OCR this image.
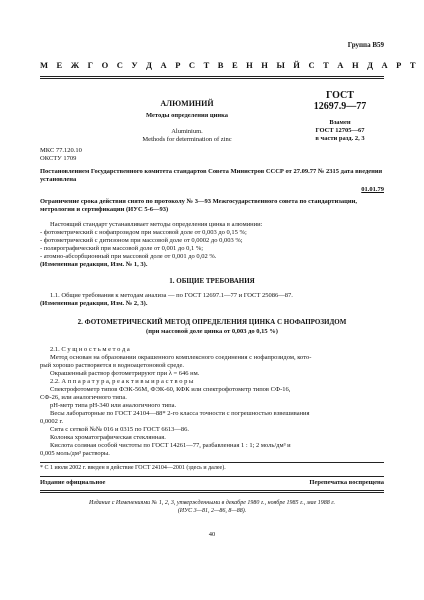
Группа В59
М Е Ж Г О С У Д А Р С Т В Е Н Н Ы Й С Т А Н Д А Р Т
АЛЮМИНИЙ
Методы определения цинка
Aluminium.
Methods for determination of zinc
ГОСТ
12697.9—77
Взамен
ГОСТ 12705—67
в части разд. 2, 3
МКС 77.120.10
ОКСТУ 1709
Постановлением Государственного комитета стандартов Совета Министров СССР от 27.09.77 № 2315 дата введения установлена
01.01.79
Ограничение срока действия снято по протоколу № 3—93 Межгосударственного совета по стандартизации, метрологии и сертификации (ИУС 5-6—93)
Настоящий стандарт устанавливает методы определения цинка в алюминии:
- фотометрический с нофапрозидом при массовой доле от 0,003 до 0,15 %;
- фотометрический с дитизоном при массовой доле от 0,0002 до 0,003 %;
- полярографический при массовой доле от 0,001 до 0,1 %;
- атомно-абсорбционный при массовой доле от 0,001 до 0,02 %.
(Измененная редакция, Изм. № 1, 3).
1. ОБЩИЕ ТРЕБОВАНИЯ
1.1. Общие требования к методам анализа — по ГОСТ 12697.1—77 и ГОСТ 25086—87.
(Измененная редакция, Изм. № 2, 3).
2. ФОТОМЕТРИЧЕСКИЙ МЕТОД ОПРЕДЕЛЕНИЯ ЦИНКА С НОФАПРОЗИДОМ
(при массовой доле цинка от 0,003 до 0,15 %)
2.1. С у щ н о с т ь м е т о д а
Метод основан на образовании окрашенного комплексного соединения с нофапрозидом, кото-
рый хорошо растворяется в водноацетоновой среде.
Окрашенный раствор фотометрируют при λ = 646 нм.
2.2. А п п а р а т у р а, р е а к т и в ы и р а с т в о р ы
Спектрофотометр типов ФЭК-56М, ФЭК-60, КФК или спектрофотометр типов СФ-16,
СФ-26, или аналогичного типа.
pH-метр типа pH-340 или аналогичного типа.
Весы лабораторные по ГОСТ 24104—88* 2-го класса точности с погрешностью взвешивания
0,0002 г.
Сита с сеткой №№ 016 и 0315 по ГОСТ 6613—86.
Колонка хроматографическая стеклянная.
Кислота соляная особой чистоты по ГОСТ 14261—77, разбавленная 1 : 1; 2 моль/дм³ и
0,005 моль/дм³ растворы.
* С 1 июля 2002 г. введен в действие ГОСТ 24104—2001 (здесь и далее).
Издание официальное	Перепечатка воспрещена
Издание с Изменениями № 1, 2, 3, утвержденными в декабре 1980 г., ноябре 1985 г., мае 1988 г.
(ИУС 3—81, 2—86, 8—88).
40
